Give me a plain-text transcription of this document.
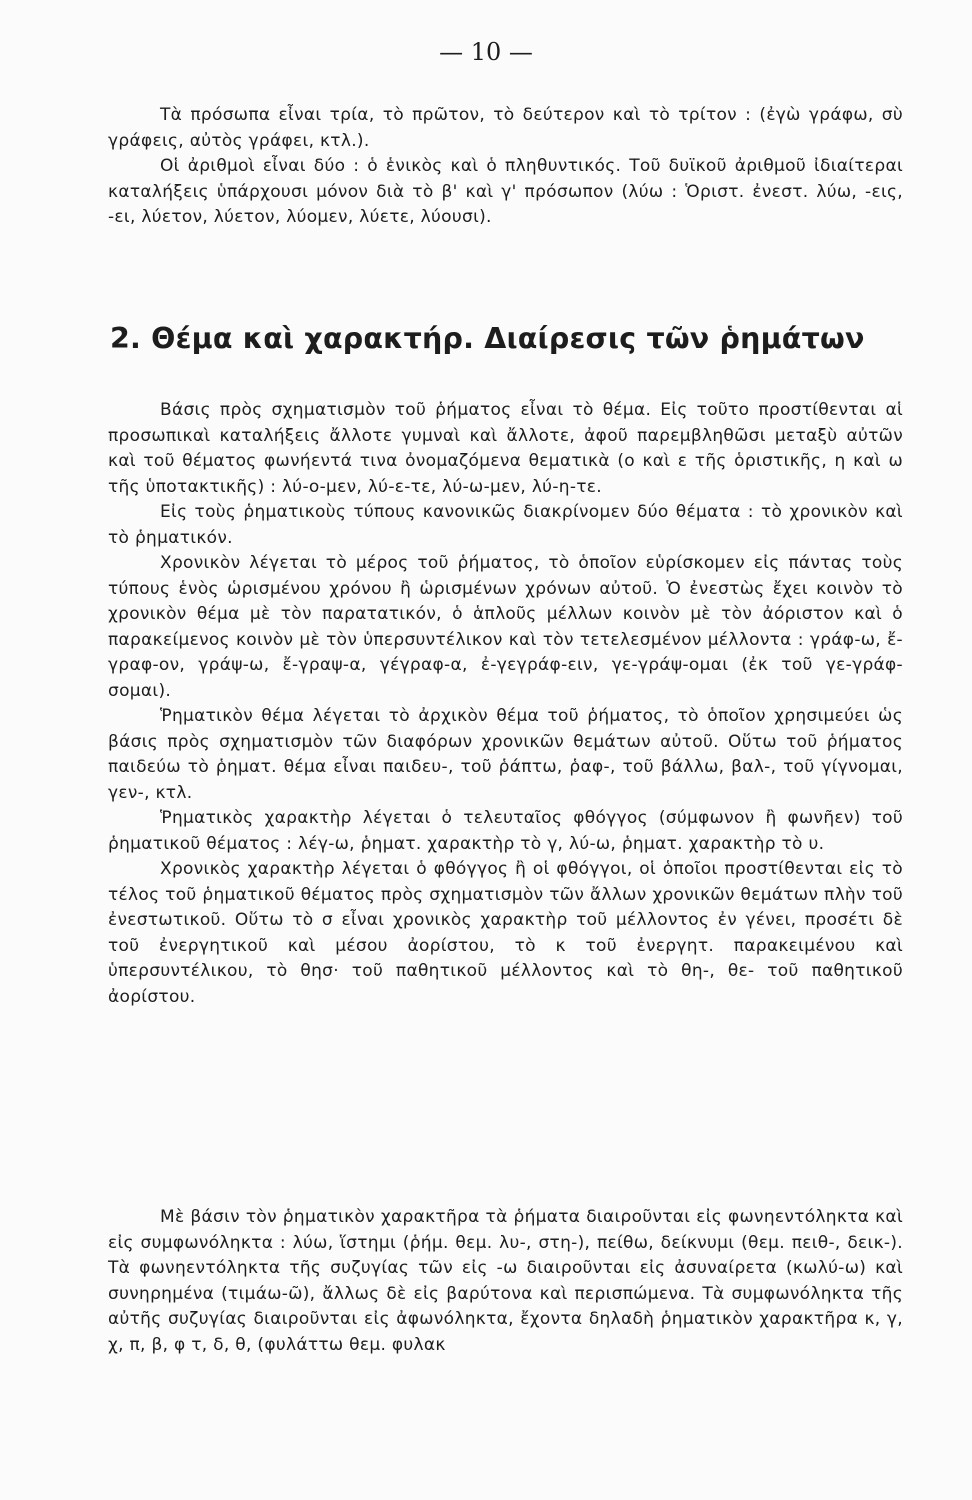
— 10 —

Τὰ πρόσωπα εἶναι τρία, τὸ πρῶτον, τὸ δεύτερον καὶ τὸ τρίτον : (ἐγὼ γράφω, σὺ γράφεις, αὐτὸς γράφει, κτλ.).

Οἱ ἀριθμοὶ εἶναι δύο : ὁ ἑνικὸς καὶ ὁ πληθυντικός. Τοῦ δυϊκοῦ ἀριθμοῦ ἰδιαίτεραι καταλήξεις ὑπάρχουσι μόνον διὰ τὸ β' καὶ γ' πρόσωπον (λύω : Ὁριστ. ἐνεστ. λύω, -εις, -ει, λύετον, λύετον, λύομεν, λύετε, λύουσι).

2. Θέμα καὶ χαρακτήρ. Διαίρεσις τῶν ῥημάτων

Βάσις πρὸς σχηματισμὸν τοῦ ῥήματος εἶναι τὸ θέμα. Εἰς τοῦτο προστίθενται αἱ προσωπικαὶ καταλήξεις ἄλλοτε γυμναὶ καὶ ἄλλοτε, ἀφοῦ παρεμβληθῶσι μεταξὺ αὐτῶν καὶ τοῦ θέματος φωνήεντά τινα ὀνομαζόμενα θεματικὰ (ο καὶ ε τῆς ὁριστικῆς, η καὶ ω τῆς ὑποτακτικῆς) : λύ-ο-μεν, λύ-ε-τε, λύ-ω-μεν, λύ-η-τε.

Εἰς τοὺς ῥηματικοὺς τύπους κανονικῶς διακρίνομεν δύο θέματα : τὸ χρονικὸν καὶ τὸ ῥηματικόν.

Χρονικὸν λέγεται τὸ μέρος τοῦ ῥήματος, τὸ ὁποῖον εὑρίσκομεν εἰς πάντας τοὺς τύπους ἑνὸς ὡρισμένου χρόνου ἢ ὡρισμένων χρόνων αὐτοῦ. Ὁ ἐνεστὼς ἔχει κοινὸν τὸ χρονικὸν θέμα μὲ τὸν παρατατικόν, ὁ ἁπλοῦς μέλλων κοινὸν μὲ τὸν ἀόριστον καὶ ὁ παρακείμενος κοινὸν μὲ τὸν ὑπερσυντέλικον καὶ τὸν τετελεσμένον μέλλοντα : γράφ-ω, ἔ-γραφ-ον, γράψ-ω, ἔ-γραψ-α, γέγραφ-α, ἐ-γεγράφ-ειν, γε-γράψ-ομαι (ἐκ τοῦ γε-γράφ-σομαι).

Ῥηματικὸν θέμα λέγεται τὸ ἀρχικὸν θέμα τοῦ ῥήματος, τὸ ὁποῖον χρησιμεύει ὡς βάσις πρὸς σχηματισμὸν τῶν διαφόρων χρονικῶν θεμάτων αὐτοῦ. Οὕτω τοῦ ῥήματος παιδεύω τὸ ῥηματ. θέμα εἶναι παιδευ-, τοῦ ῥάπτω, ῥαφ-, τοῦ βάλλω, βαλ-, τοῦ γίγνομαι, γεν-, κτλ.

Ῥηματικὸς χαρακτὴρ λέγεται ὁ τελευταῖος φθόγγος (σύμφωνον ἢ φωνῆεν) τοῦ ῥηματικοῦ θέματος : λέγ-ω, ῥηματ. χαρακτὴρ τὸ γ, λύ-ω, ῥηματ. χαρακτὴρ τὸ υ.

Χρονικὸς χαρακτὴρ λέγεται ὁ φθόγγος ἢ οἱ φθόγγοι, οἱ ὁποῖοι προστίθενται εἰς τὸ τέλος τοῦ ῥηματικοῦ θέματος πρὸς σχηματισμὸν τῶν ἄλλων χρονικῶν θεμάτων πλὴν τοῦ ἐνεστωτικοῦ. Οὕτω τὸ σ εἶναι χρονικὸς χαρακτὴρ τοῦ μέλλοντος ἐν γένει, προσέτι δὲ τοῦ ἐνεργητικοῦ καὶ μέσου ἀορίστου, τὸ κ τοῦ ἐνεργητ. παρακειμένου καὶ ὑπερσυντέλικου, τὸ θησ· τοῦ παθητικοῦ μέλλοντος καὶ τὸ θη-, θε- τοῦ παθητικοῦ ἀορίστου.

Μὲ βάσιν τὸν ῥηματικὸν χαρακτῆρα τὰ ῥήματα διαιροῦνται εἰς φωνηεντόληκτα καὶ εἰς συμφωνόληκτα : λύω, ἵστημι (ῥήμ. θεμ. λυ-, στη-), πείθω, δείκνυμι (θεμ. πειθ-, δεικ-). Τὰ φωνηεντόληκτα τῆς συζυγίας τῶν εἰς -ω διαιροῦνται εἰς ἀσυναίρετα (κωλύ-ω) καὶ συνηρημένα (τιμάω-ῶ), ἄλλως δὲ εἰς βαρύτονα καὶ περισπώμενα. Τὰ συμφωνόληκτα τῆς αὐτῆς συζυγίας διαιροῦνται εἰς ἀφωνόληκτα, ἔχοντα δηλαδὴ ῥηματικὸν χαρακτῆρα κ, γ, χ, π, β, φ τ, δ, θ, (φυλάττω θεμ. φυλακ
